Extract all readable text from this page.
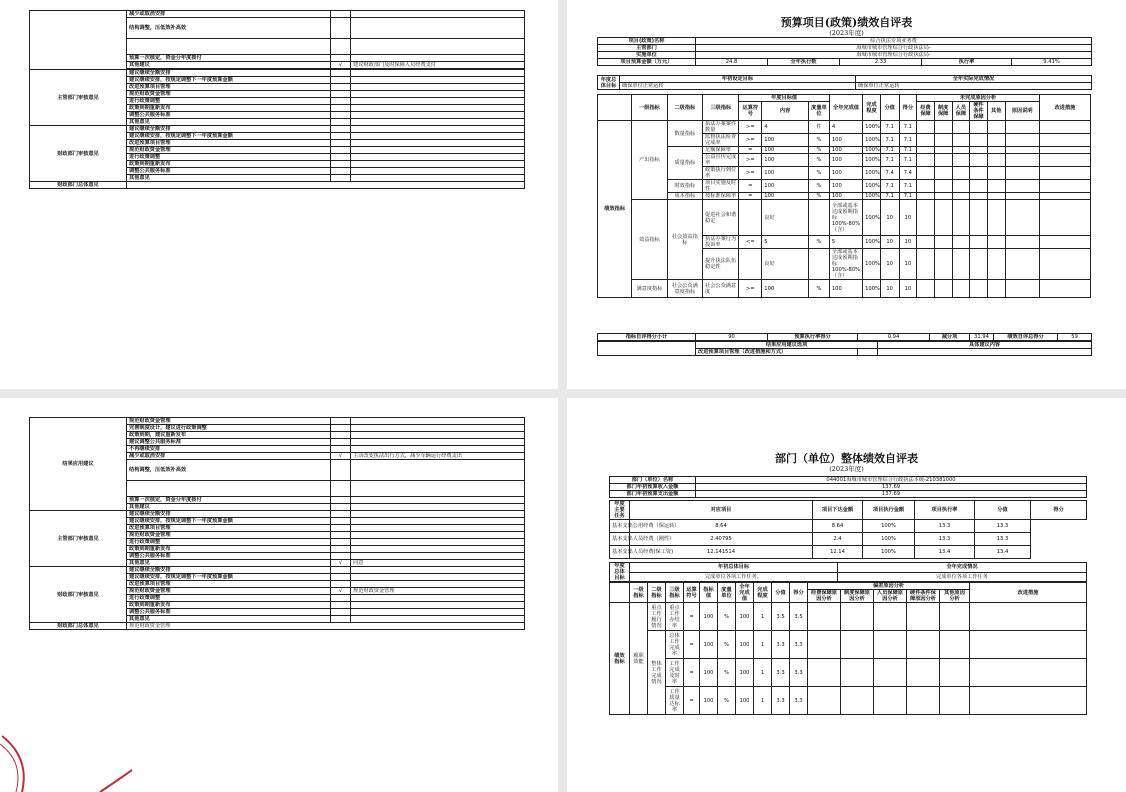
	减少或取消安排		
	结构调整，压低效补高效		

	预算一次核定，资金分年度拨付		
	其他建议	√	建议财政部门及时保障人员经费支付

主管部门审核意见	建议继续全额安排		
	建议继续安排，按规定调整下一年度预算金额		
	改进预算项目管理		
	规范财政资金管理		
	进行政策调整		
	政策到期重新发布		
	调整公共服务标准		
	其他意见		
财政部门审核意见	建议继续全额安排		
	建议继续安排，按规定调整下一年度预算金额		
	改进预算项目管理		
	规范财政资金管理		
	进行政策调整		
	政策到期重新发布		
	调整公共服务标准		
	其他意见		
财政部门总体意见			
预算项目(政策)绩效自评表
(2023年度)
项目(政策)名称	综合执法专项业务费				
主管部门	海城市城市管理综合行政执法局-				
实施单位	海城市城市管理综合行政执法局-				
项目预算金额（万元）	24.8	全年执行数	2.33	执行率	9.41%
年度总体目标	年初设定目标	全年实际完成情况
	确保单位正常运转	确保单位正常运转
	一级指标	二级指标	三级指标	年度目标值			全年完成值	完成程度	分值	得分	未完成原因分析						改进措施
				运算符号	内容	度量单位					经费保障	制度保障	人员保障	硬件条件保障	其他	原因说明	

绩效指标	产出指标	数量指标	执法办案案件数量	>=	4	件	4	100%	7.1	7.1							
			监督执法检查完成率	>=	100	%	100	100%	7.1	7.1							
		质量指标	足额保障率	=	100	%	100	100%	7.1	7.1							
			公益宣传完成率	>=	100	%	100	100%	7.1	7.1							
			政策执行到位率	>=	100	%	100	100%	7.4	7.4							
		时效指标	项目实施及时性	=	100	%	100	100%	7.1	7.1							
		成本指标	按标准保障率	=	100	%	100	100%	7.1	7.1							
	效益指标	社会效益指标	促进社会和谐稳定		良好		全部或基本达成预期指标100%-80%（含）	100%	10	10							
			执法办案行为投诉率	<=	5	%	5	100%	10	10							
			提升执法队伍稳定性		良好		全部或基本达成预期指标100%-80%（含）	100%	10	10							
	满意度指标	社会公众满意度指标	社会公众满意度	>=	100	%	100	100%	10	10							
指标自评得分小计	90	预算执行率得分	0.94	减分项	31.94	绩效自评总得分	59
	结果应用建议选项		具体建议内容
	改进预算项目管理（改进措施和方式）		
结果应用建议	规范财政资金管理		
	完善制度设计，建议进行政策调整		
	政策到期，建议重新发布		
	建议调整公共服务标准		
	不再继续安排		
	减少或取消安排	√	主动改变执法出行方式，减少车辆运行经费支出
	结构调整，压低效补高效		

	预算一次核定，资金分年度拨付		
	其他建议		
主管部门审核意见	建议继续全额安排		
	建议继续安排，按规定调整下一年度预算金额		
	改进预算项目管理		
	规范财政资金管理		
	进行政策调整		
	政策到期重新发布		
	调整公共服务标准		
	其他意见	√	同意
财政部门审核意见	建议继续全额安排		
	建议继续安排，按规定调整下一年度预算金额		
	改进预算项目管理		
	规范财政资金管理	√	规范财政资金管理
	进行政策调整		
	政策到期重新发布		
	调整公共服务标准		
	其他意见		
财政部门总体意见	规范财政资金管理		
部门（单位）整体绩效自评表
(2023年度)
部门（单位）名称	044001海城市城市管理综合行政执法本级-210381000
部门年初预算收入金额	137.69
部门年初预算支出金额	137.69
年度主要任务	对应项目	项目下达金额	项目执行金额	项目执行率	分值	得分
基本支出公用经费（保运转）	8.64	8.64	100%	13.3	13.3	
基本支出人员经费（刚性）	2.40795	2.4	100%	13.3	13.3	
基本支出人员经费(保工资)	12.141514	12.14	100%	13.4	13.4	
年度总体目标	年初总体目标	全年完成情况
	完成单位各项工作任务。	完成单位各项工作任务
	一级指标	二级指标	三级指标	运算符号	指标值	度量单位	全年完成值	完成程度	分值	得分	偏差原因分析					改进措施
											经费保障原因分析	制度保障原因分析	人员保障原因分析	硬件条件保障原因分析	其他原因分析	

绩效指标	履职效能	重点工作履行情况	重点工作办结率	=	100	%	100	1	3.5	3.5						
		整体工作完成情况	总体工作完成率	=	100	%	100	1	3.3	3.3						
			工作完成及时率	=	100	%	100	1	3.3	3.3						
			工作质量达标率	=	100	%	100	1	3.3	3.3						
